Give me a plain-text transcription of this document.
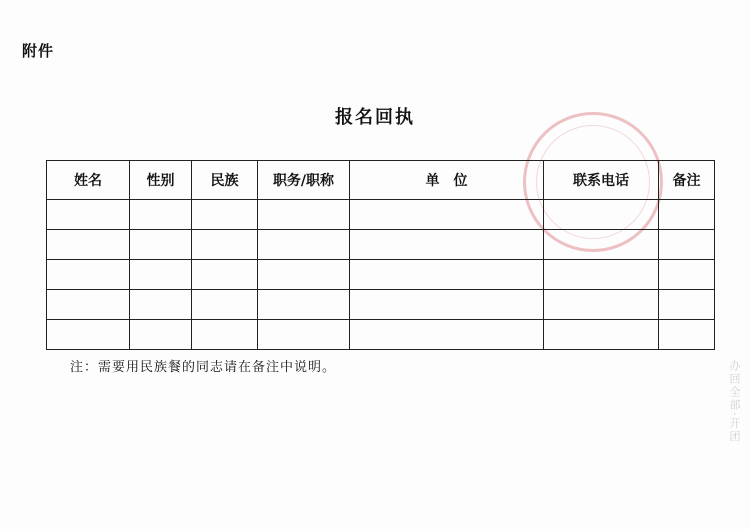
附件
报名回执
姓名	性别	民族	职务/职称	单　位	联系电话	备注

注：需要用民族餐的同志请在备注中说明。	办回全部·开团
